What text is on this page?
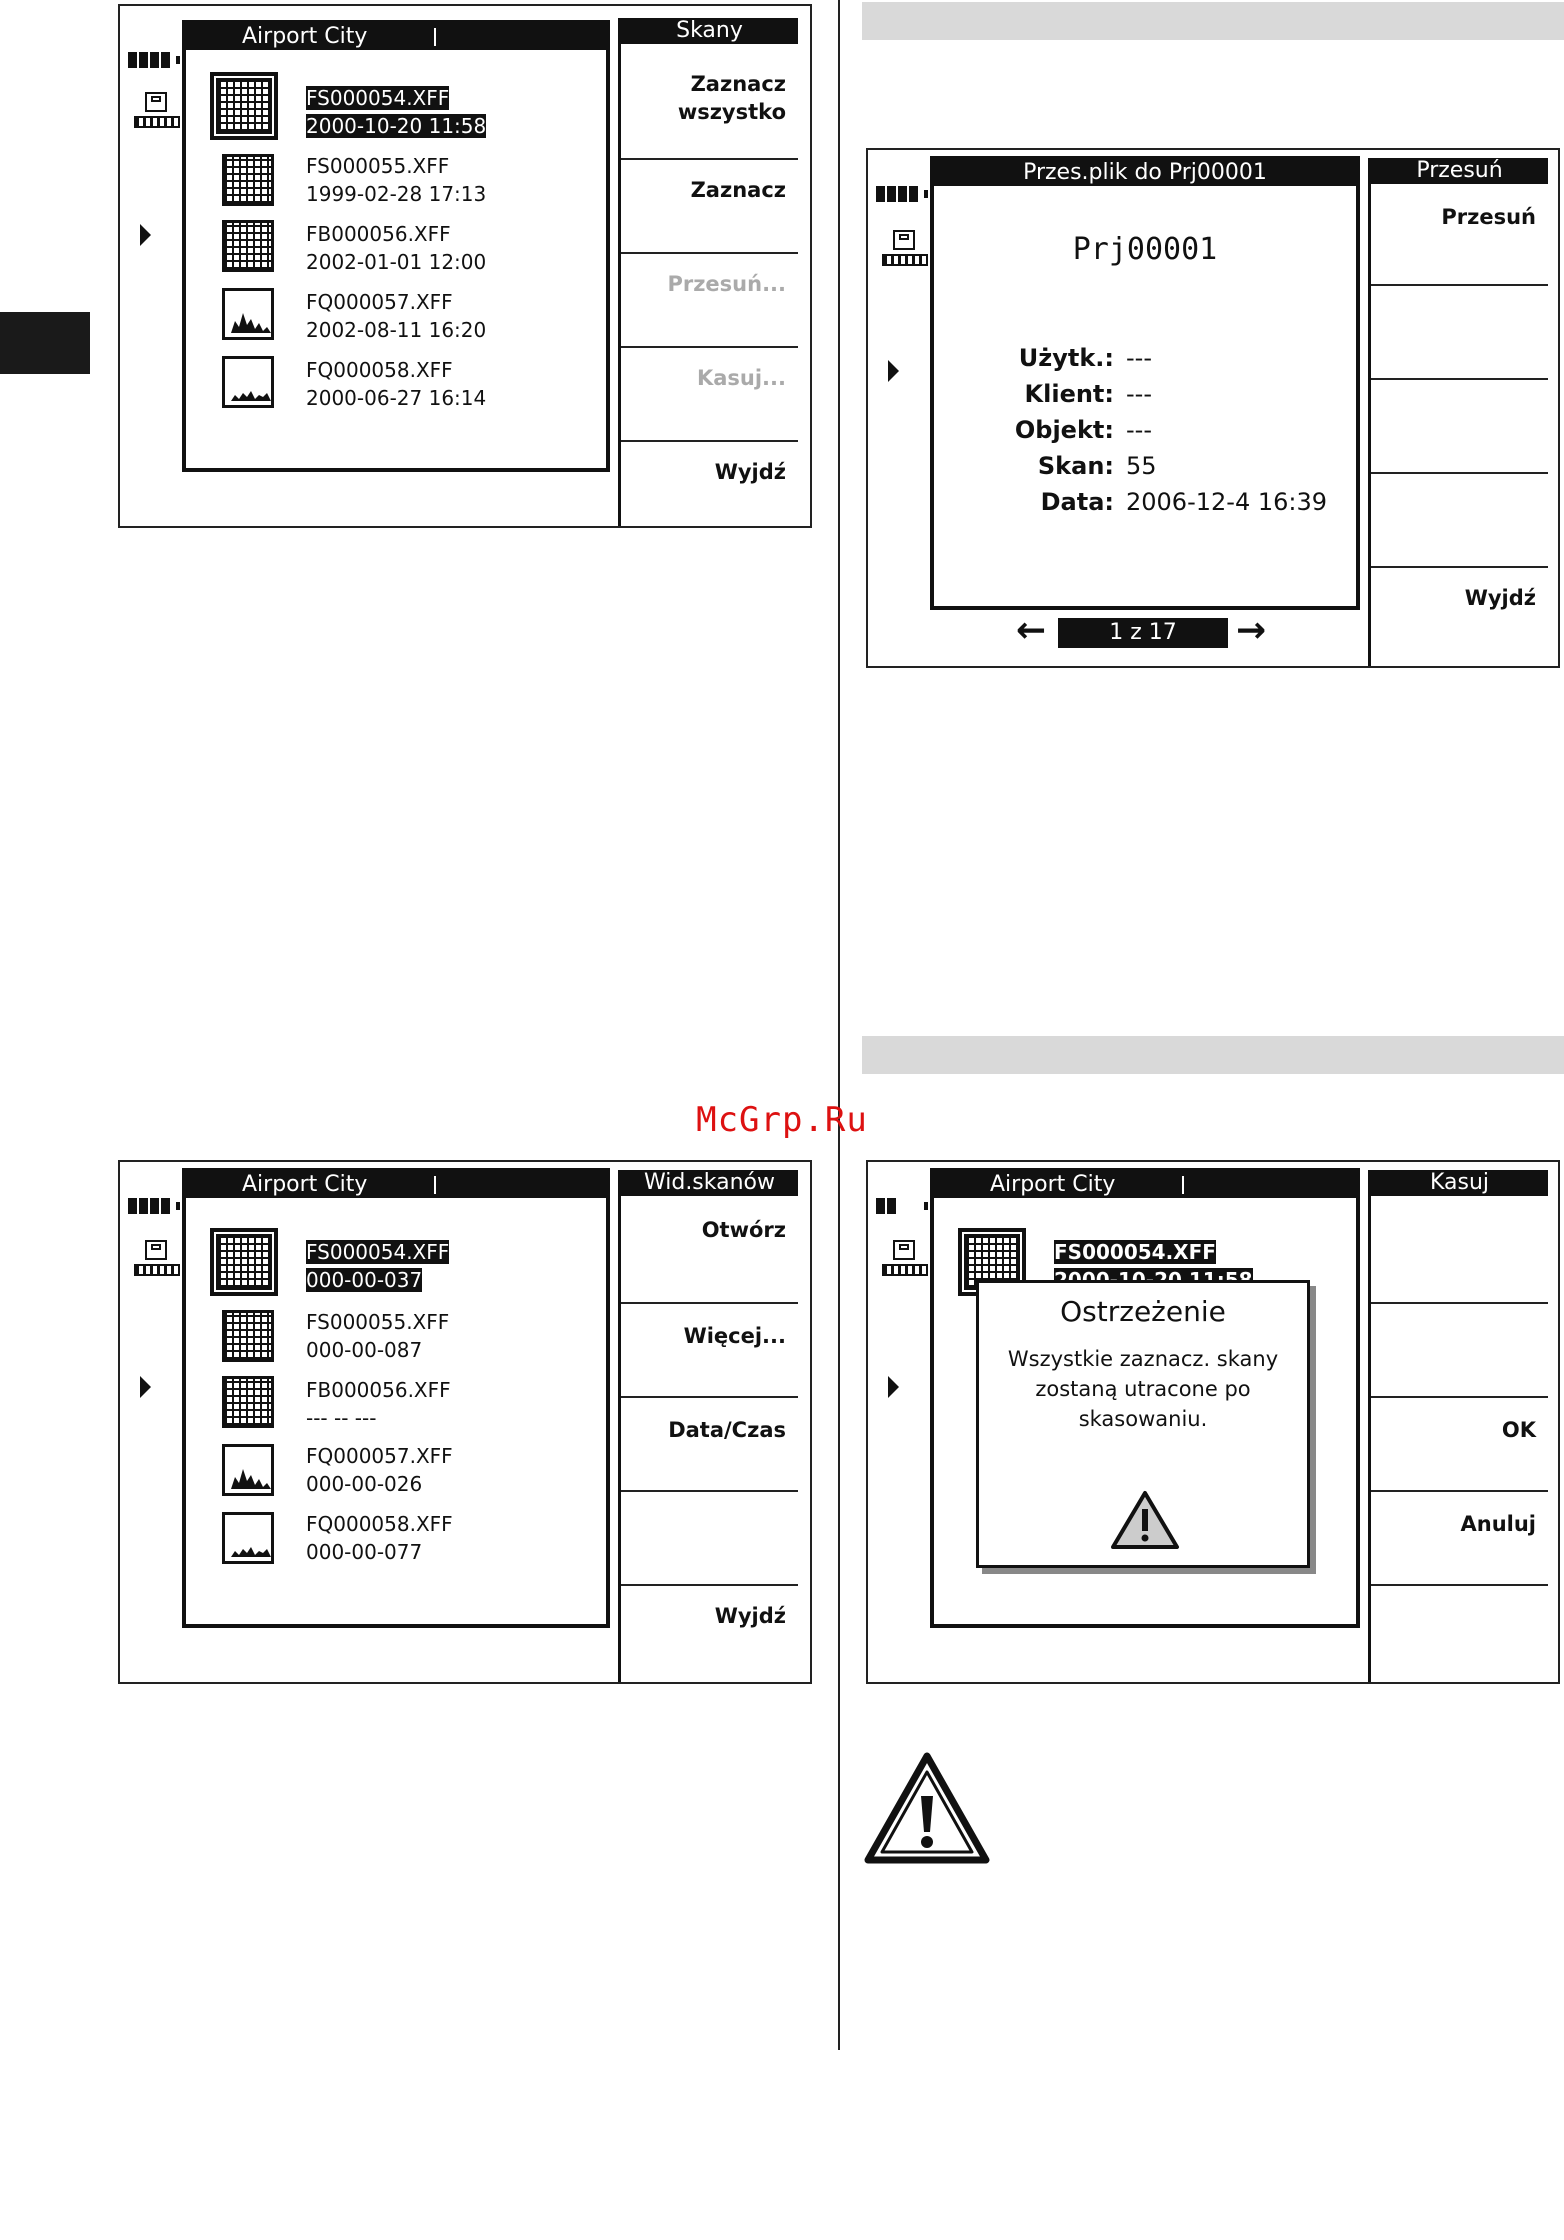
McGrp.Ru
Airport City
FS000054.XFF
2000-10-20 11:58
FS000055.XFF
1999-02-28 17:13
FB000056.XFF
2002-01-01 12:00
FQ000057.XFF
2002-08-11 16:20
FQ000058.XFF
2000-06-27 16:14
Skany
Zaznacz wszystko
Zaznacz
Przesuń...
Kasuj...
Wyjdź
Przes.plik do Prj00001
Prj00001
Użytk.: ---
Klient: ---
Objekt: ---
Skan: 55
Data: 2006-12-4 16:39
←	1 z 17	→
Przesuń
Przesuń
Wyjdź
Airport City
FS000054.XFF
000-00-037
FS000055.XFF
000-00-087
FB000056.XFF
--- -- ---
FQ000057.XFF
000-00-026
FQ000058.XFF
000-00-077
Wid.skanów
Otwórz
Więcej...
Data/Czas
Wyjdź
Airport City
FS000054.XFF

Ostrzeżenie
Wszystkie zaznacz. skany zostaną utracone po skasowaniu.
Kasuj
OK
Anuluj
